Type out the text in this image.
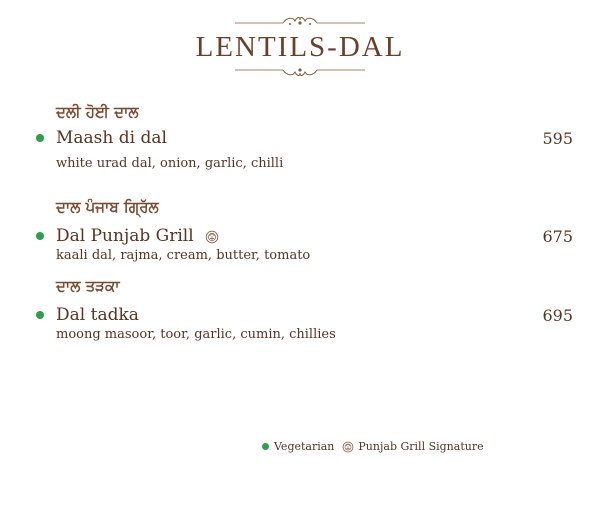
LENTILS-DAL
ਦਲੀ ਹੋਈ ਦਾਲ
Maash di dal	595
white urad dal, onion, garlic, chilli
ਦਾਲ ਪੰਜਾਬ ਗ੍ਰਿੱਲ
Dal Punjab Grill	675
kaali dal, rajma, cream, butter, tomato
ਦਾਲ ਤੜਕਾ
Dal tadka	695
moong masoor, toor, garlic, cumin, chillies
Vegetarian Punjab Grill Signature
